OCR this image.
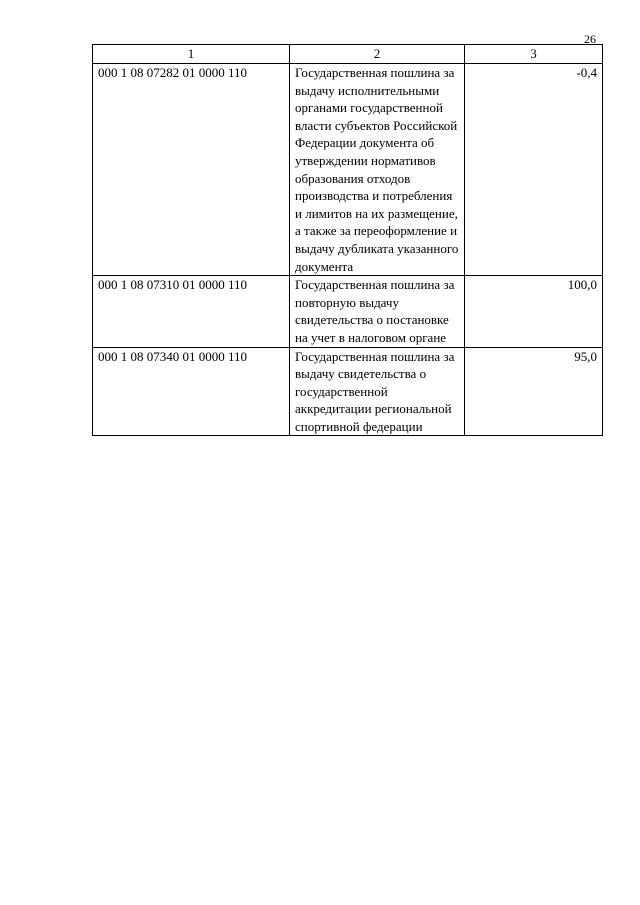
26
1	2	3
000 1 08 07282 01 0000 110	Государственная пошлина за выдачу исполнительными органами государственной власти субъектов Российской Федерации документа об утверждении нормативов образования отходов производства и потребления и лимитов на их размещение, а также за переоформление и выдачу дубликата указанного документа	-0,4
000 1 08 07310 01 0000 110	Государственная пошлина за повторную выдачу свидетельства о постановке на учет в налоговом органе	100,0
000 1 08 07340 01 0000 110	Государственная пошлина за выдачу свидетельства о государственной аккредитации региональной спортивной федерации	95,0
